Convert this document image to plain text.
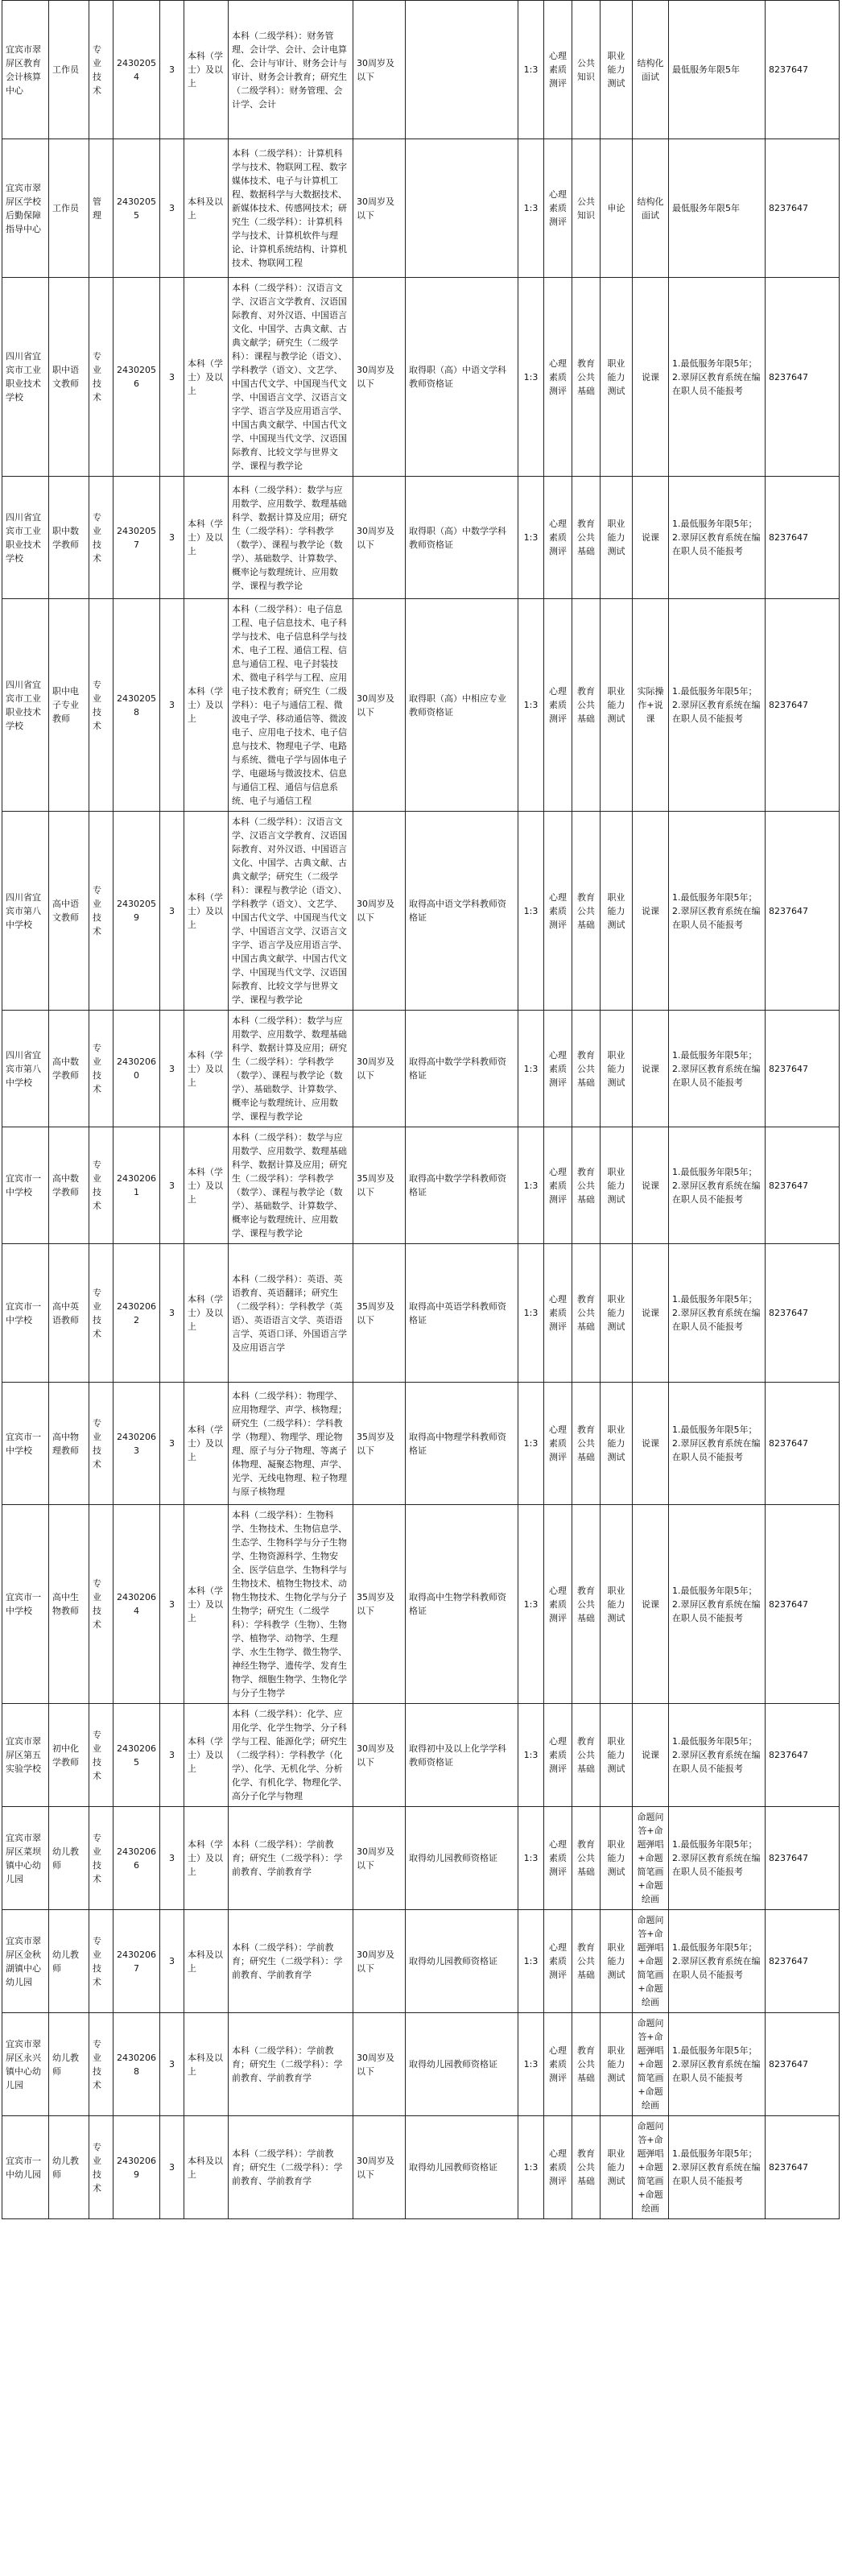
宜宾市翠屏区教育会计核算中心	工作员	专业技术	24302054	3	本科（学士）及以上	本科（二级学科）：财务管理、会计学、会计、会计电算化、会计与审计、财务会计与审计、财务会计教育；研究生（二级学科）：财务管理、会计学、会计	30周岁及以下		1:3	心理素质测评	公共知识	职业能力测试	结构化面试	最低服务年限5年	8237647
宜宾市翠屏区学校后勤保障指导中心	工作员	管理	24302055	3	本科及以上	本科（二级学科）：计算机科学与技术、物联网工程、数字媒体技术、电子与计算机工程、数据科学与大数据技术、新媒体技术、传感网技术；研究生（二级学科）：计算机科学与技术、计算机软件与理论、计算机系统结构、计算机技术、物联网工程	30周岁及以下		1:3	心理素质测评	公共知识	申论	结构化面试	最低服务年限5年	8237647
四川省宜宾市工业职业技术学校	职中语文教师	专业技术	24302056	3	本科（学士）及以上	本科（二级学科）：汉语言文学、汉语言文学教育、汉语国际教育、对外汉语、中国语言文化、中国学、古典文献、古典文献学；研究生（二级学科）：课程与教学论（语文）、学科教学（语文）、文艺学、中国古代文学、中国现当代文学、中国语言文学、汉语言文字学、语言学及应用语言学、中国古典文献学、中国古代文学、中国现当代文学、汉语国际教育、比较文学与世界文学、课程与教学论	30周岁及以下	取得职（高）中语文学科教师资格证	1:3	心理素质测评	教育公共基础	职业能力测试	说课	1.最低服务年限5年；2.翠屏区教育系统在编在职人员不能报考	8237647
四川省宜宾市工业职业技术学校	职中数学教师	专业技术	24302057	3	本科（学士）及以上	本科（二级学科）：数学与应用数学、应用数学、数理基础科学、数据计算及应用；研究生（二级学科）：学科教学（数学）、课程与教学论（数学）、基础数学、计算数学、概率论与数理统计、应用数学、课程与教学论	30周岁及以下	取得职（高）中数学学科教师资格证	1:3	心理素质测评	教育公共基础	职业能力测试	说课	1.最低服务年限5年；2.翠屏区教育系统在编在职人员不能报考	8237647
四川省宜宾市工业职业技术学校	职中电子专业教师	专业技术	24302058	3	本科（学士）及以上	本科（二级学科）：电子信息工程、电子信息技术、电子科学与技术、电子信息科学与技术、电子工程、通信工程、信息与通信工程、电子封装技术、微电子科学与工程、应用电子技术教育；研究生（二级学科）：电子与通信工程、微波电子学、移动通信等、微波电子、应用电子技术、电子信息与技术、物理电子学、电路与系统、微电子学与固体电子学、电磁场与微波技术、信息与通信工程、通信与信息系统、电子与通信工程	30周岁及以下	取得职（高）中相应专业教师资格证	1:3	心理素质测评	教育公共基础	职业能力测试	实际操作+说课	1.最低服务年限5年；2.翠屏区教育系统在编在职人员不能报考	8237647
四川省宜宾市第八中学校	高中语文教师	专业技术	24302059	3	本科（学士）及以上	本科（二级学科）：汉语言文学、汉语言文学教育、汉语国际教育、对外汉语、中国语言文化、中国学、古典文献、古典文献学；研究生（二级学科）：课程与教学论（语文）、学科教学（语文）、文艺学、中国古代文学、中国现当代文学、中国语言文学、汉语言文字学、语言学及应用语言学、中国古典文献学、中国古代文学、中国现当代文学、汉语国际教育、比较文学与世界文学、课程与教学论	30周岁及以下	取得高中语文学科教师资格证	1:3	心理素质测评	教育公共基础	职业能力测试	说课	1.最低服务年限5年；2.翠屏区教育系统在编在职人员不能报考	8237647
四川省宜宾市第八中学校	高中数学教师	专业技术	24302060	3	本科（学士）及以上	本科（二级学科）：数学与应用数学、应用数学、数理基础科学、数据计算及应用；研究生（二级学科）：学科教学（数学）、课程与教学论（数学）、基础数学、计算数学、概率论与数理统计、应用数学、课程与教学论	30周岁及以下	取得高中数学学科教师资格证	1:3	心理素质测评	教育公共基础	职业能力测试	说课	1.最低服务年限5年；2.翠屏区教育系统在编在职人员不能报考	8237647
宜宾市一中学校	高中数学教师	专业技术	24302061	3	本科（学士）及以上	本科（二级学科）：数学与应用数学、应用数学、数理基础科学、数据计算及应用；研究生（二级学科）：学科教学（数学）、课程与教学论（数学）、基础数学、计算数学、概率论与数理统计、应用数学、课程与教学论	35周岁及以下	取得高中数学学科教师资格证	1:3	心理素质测评	教育公共基础	职业能力测试	说课	1.最低服务年限5年；2.翠屏区教育系统在编在职人员不能报考	8237647
宜宾市一中学校	高中英语教师	专业技术	24302062	3	本科（学士）及以上	本科（二级学科）：英语、英语教育、英语翻译；研究生（二级学科）：学科教学（英语）、英语语言文学、英语语言学、英语口译、外国语言学及应用语言学	35周岁及以下	取得高中英语学科教师资格证	1:3	心理素质测评	教育公共基础	职业能力测试	说课	1.最低服务年限5年；2.翠屏区教育系统在编在职人员不能报考	8237647
宜宾市一中学校	高中物理教师	专业技术	24302063	3	本科（学士）及以上	本科（二级学科）：物理学、应用物理学、声学、核物理；研究生（二级学科）：学科教学（物理）、物理学、理论物理、原子与分子物理、等离子体物理、凝聚态物理、声学、光学、无线电物理、粒子物理与原子核物理	35周岁及以下	取得高中物理学科教师资格证	1:3	心理素质测评	教育公共基础	职业能力测试	说课	1.最低服务年限5年；2.翠屏区教育系统在编在职人员不能报考	8237647
宜宾市一中学校	高中生物教师	专业技术	24302064	3	本科（学士）及以上	本科（二级学科）：生物科学、生物技术、生物信息学、生态学、生物科学与分子生物学、生物资源科学、生物安全、医学信息学、生物科学与生物技术、植物生物技术、动物生物技术、生物化学与分子生物学；研究生（二级学科）：学科教学（生物）、生物学、植物学、动物学、生理学、水生生物学、微生物学、神经生物学、遗传学、发育生物学、细胞生物学、生物化学与分子生物学	35周岁及以下	取得高中生物学科教师资格证	1:3	心理素质测评	教育公共基础	职业能力测试	说课	1.最低服务年限5年；2.翠屏区教育系统在编在职人员不能报考	8237647
宜宾市翠屏区第五实验学校	初中化学教师	专业技术	24302065	3	本科（学士）及以上	本科（二级学科）：化学、应用化学、化学生物学、分子科学与工程、能源化学；研究生（二级学科）：学科教学（化学）、化学、无机化学、分析化学、有机化学、物理化学、高分子化学与物理	30周岁及以下	取得初中及以上化学学科教师资格证	1:3	心理素质测评	教育公共基础	职业能力测试	说课	1.最低服务年限5年；2.翠屏区教育系统在编在职人员不能报考	8237647
宜宾市翠屏区菜坝镇中心幼儿园	幼儿教师	专业技术	24302066	3	本科（学士）及以上	本科（二级学科）：学前教育；研究生（二级学科）：学前教育、学前教育学	30周岁及以下	取得幼儿园教师资格证	1:3	心理素质测评	教育公共基础	职业能力测试	命题问答+命题弹唱+命题简笔画+命题绘画	1.最低服务年限5年；2.翠屏区教育系统在编在职人员不能报考	8237647
宜宾市翠屏区金秋湖镇中心幼儿园	幼儿教师	专业技术	24302067	3	本科及以上	本科（二级学科）：学前教育；研究生（二级学科）：学前教育、学前教育学	30周岁及以下	取得幼儿园教师资格证	1:3	心理素质测评	教育公共基础	职业能力测试	命题问答+命题弹唱+命题简笔画+命题绘画	1.最低服务年限5年；2.翠屏区教育系统在编在职人员不能报考	8237647
宜宾市翠屏区永兴镇中心幼儿园	幼儿教师	专业技术	24302068	3	本科及以上	本科（二级学科）：学前教育；研究生（二级学科）：学前教育、学前教育学	30周岁及以下	取得幼儿园教师资格证	1:3	心理素质测评	教育公共基础	职业能力测试	命题问答+命题弹唱+命题简笔画+命题绘画	1.最低服务年限5年；2.翠屏区教育系统在编在职人员不能报考	8237647
宜宾市一中幼儿园	幼儿教师	专业技术	24302069	3	本科及以上	本科（二级学科）：学前教育；研究生（二级学科）：学前教育、学前教育学	30周岁及以下	取得幼儿园教师资格证	1:3	心理素质测评	教育公共基础	职业能力测试	命题问答+命题弹唱+命题简笔画+命题绘画	1.最低服务年限5年；2.翠屏区教育系统在编在职人员不能报考	8237647
